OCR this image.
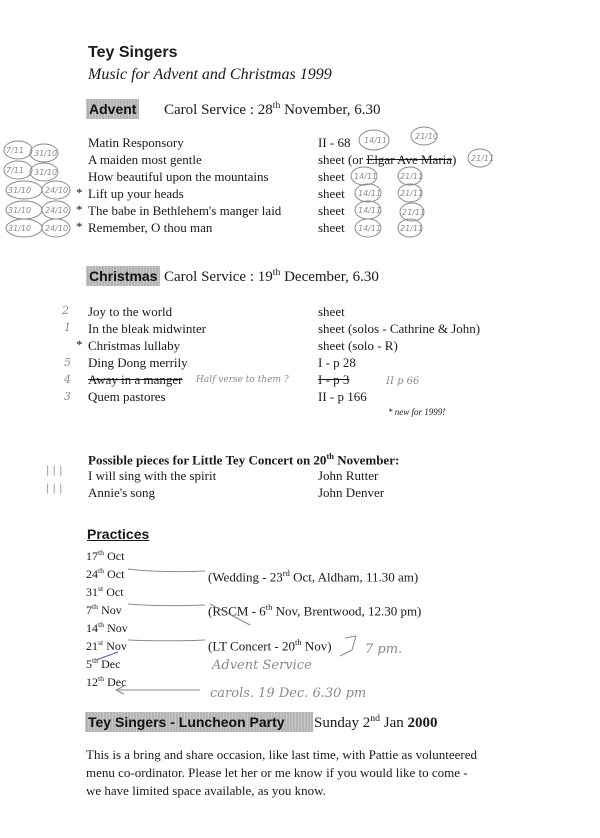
Tey Singers
Music for Advent and Christmas 1999
Advent Carol Service : 28th November, 6.30
Matin Responsory	II - 68
A maiden most gentle	sheet (or Elgar Ave Maria)
How beautiful upon the mountains	sheet
* Lift up your heads	sheet
* The babe in Bethlehem's manger laid	sheet
* Remember, O thou man	sheet
Christmas Carol Service : 19th December, 6.30
Joy to the world	sheet
In the bleak midwinter	sheet (solos - Cathrine & John)
* Christmas lullaby	sheet (solo - R)
Ding Dong merrily	I - p 28
Away in a manger	I - p 3
Quem pastores	II - p 166
* new for 1999!
Possible pieces for Little Tey Concert on 20th November:
I will sing with the spirit	John Rutter
Annie's song	John Denver
Practices
17th Oct
24th Oct	(Wedding - 23rd Oct, Aldham, 11.30 am)
31st Oct
7th Nov	(RSCM - 6th Nov, Brentwood, 12.30 pm)
14th Nov
21st Nov	(LT Concert - 20th Nov)
5th Dec
12th Dec
Tey Singers - Luncheon Party	Sunday 2nd Jan 2000
This is a bring and share occasion, like last time, with Pattie as volunteered
menu co-ordinator. Please let her or me know if you would like to come -
we have limited space available, as you know.
7/11 31/10
7/11 31/10
31/10 24/10
31/10 24/10
31/10 24/10
14/11	21/10
21/11
14/11	21/11
14/11 21/11
14/11	21/11
14/11 21/11
2
1
5
4
3
Half verse to them ?	II p 66
| | |
| | |
7 pm.
Advent Service
carols. 19 Dec. 6.30 pm
